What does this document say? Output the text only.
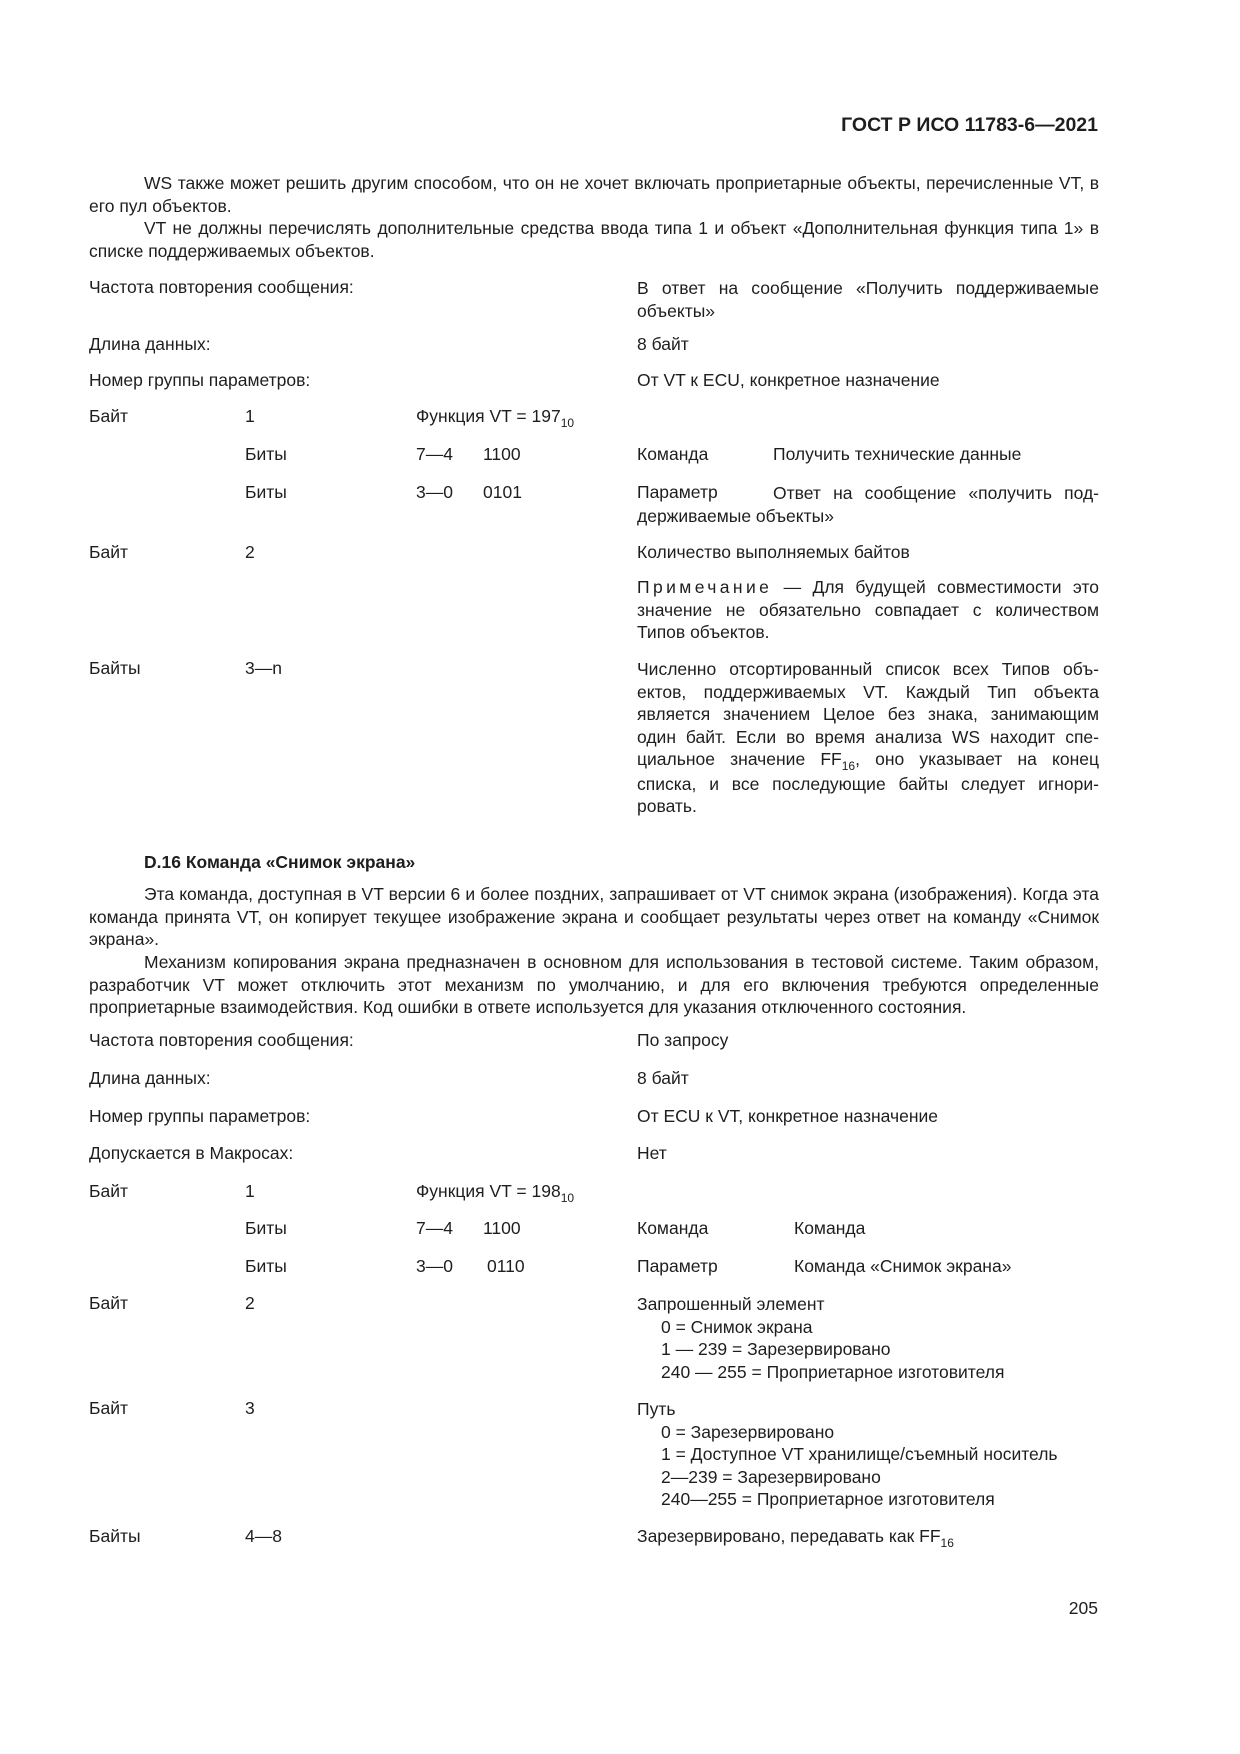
ГОСТ Р ИСО 11783-6—2021
WS также может решить другим способом, что он не хочет включать проприетарные объекты, перечисленные VT, в его пул объектов.
VT не должны перечислять дополнительные средства ввода типа 1 и объект «Дополнительная функция типа 1» в списке поддерживаемых объектов.
Частота повторения сообщения:	В ответ на сообщение «Получить поддерживаемые объекты»
Длина данных:	8 байт
Номер группы параметров:	От VT к ECU, конкретное назначение
Байт	1	Функция VT = $197_{10}$
Биты	7—4 1100	Команда	Получить технические данные
Биты	3—0 0101	Параметр	Ответ на сообщение «получить поддерживаемые объекты»
Байт	2	Количество выполняемых байтов
Примечание — Для будущей совместимости это значение не обязательно совпадает с количеством Типов объектов.
Байты	3—n	Численно отсортированный список всех Типов объектов, поддерживаемых VT. Каждый Тип объекта является значением Целое без знака, занимающим один байт. Если во время анализа WS находит специальное значение $FF_{16}$, оно указывает на конец списка, и все последующие байты следует игнорировать.
D.16 Команда «Снимок экрана»
Эта команда, доступная в VT версии 6 и более поздних, запрашивает от VT снимок экрана (изображения). Когда эта команда принята VT, он копирует текущее изображение экрана и сообщает результаты через ответ на команду «Снимок экрана».
Механизм копирования экрана предназначен в основном для использования в тестовой системе. Таким образом, разработчик VT может отключить этот механизм по умолчанию, и для его включения требуются определенные проприетарные взаимодействия. Код ошибки в ответе используется для указания отключенного состояния.
Частота повторения сообщения:	По запросу
Длина данных:	8 байт
Номер группы параметров:	От ECU к VT, конкретное назначение
Допускается в Макросах:	Нет
Байт	1	Функция VT = $198_{10}$
Биты	7—4 1100	Команда	Команда
Биты	3—0 0110	Параметр	Команда «Снимок экрана»
Байт	2	Запрошенный элемент
0 = Снимок экрана
1 — 239 = Зарезервировано
240 — 255 = Проприетарное изготовителя
Байт	3	Путь
0 = Зарезервировано
1 = Доступное VT хранилище/съемный носитель
2—239 = Зарезервировано
240—255 = Проприетарное изготовителя
Байты	4—8	Зарезервировано, передавать как $FF_{16}$
205
